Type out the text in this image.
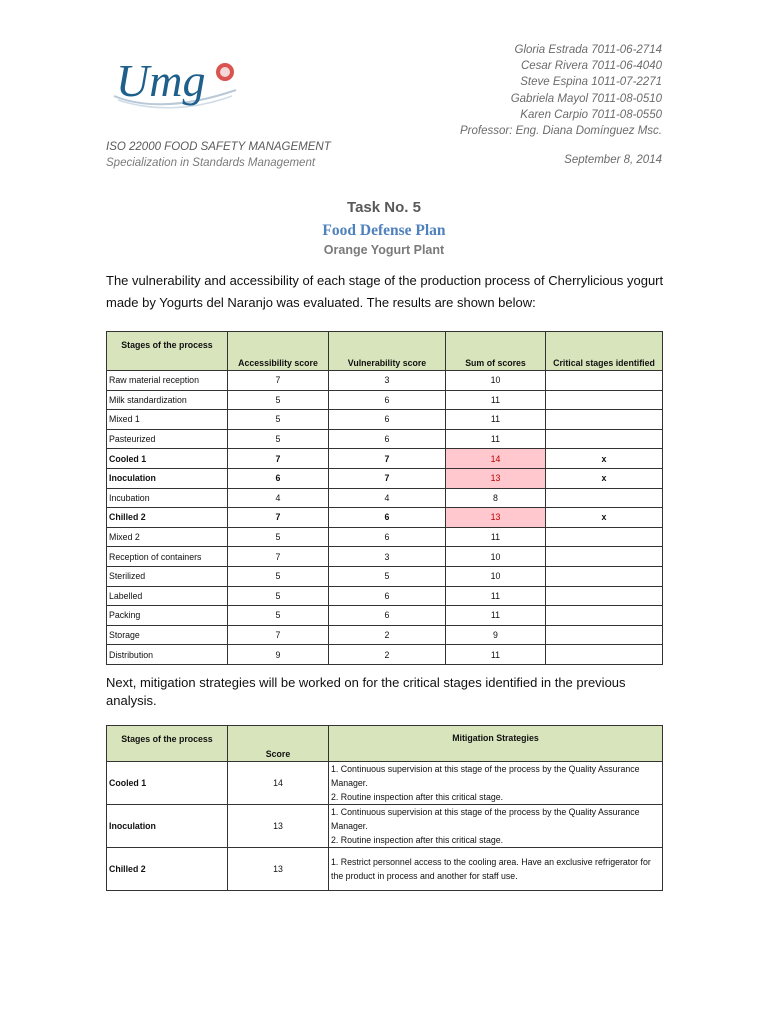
Umg
Gloria Estrada 7011-06-2714
Cesar Rivera 7011-06-4040
Steve Espina 1011-07-2271
Gabriela Mayol 7011-08-0510
Karen Carpio 7011-08-0550
Professor: Eng. Diana Domínguez Msc.
ISO 22000 FOOD SAFETY MANAGEMENT
Specialization in Standards Management	September 8, 2014
Task No. 5
Food Defense Plan
Orange Yogurt Plant
The vulnerability and accessibility of each stage of the production process of Cherrylicious yogurt made by Yogurts del Naranjo was evaluated. The results are shown below:
Stages of the process	Accessibility score	Vulnerability score	Sum of scores	Critical stages identified
Raw material reception	7	3	10	
Milk standardization	5	6	11	
Mixed 1	5	6	11	
Pasteurized	5	6	11	
Cooled 1	7	7	14	x
Inoculation	6	7	13	x
Incubation	4	4	8	
Chilled 2	7	6	13	x
Mixed 2	5	6	11	
Reception of containers	7	3	10	
Sterilized	5	5	10	
Labelled	5	6	11	
Packing	5	6	11	
Storage	7	2	9	
Distribution	9	2	11	
Next, mitigation strategies will be worked on for the critical stages identified in the previous analysis.
Stages of the process	Score	Mitigation Strategies
Cooled 1	14	1. Continuous supervision at this stage of the process by the Quality Assurance Manager.
2. Routine inspection after this critical stage.

Inoculation	13	1. Continuous supervision at this stage of the process by the Quality Assurance Manager.
2. Routine inspection after this critical stage.

Chilled 2	13	1. Restrict personnel access to the cooling area. Have an exclusive refrigerator for the product in process and another for staff use.
